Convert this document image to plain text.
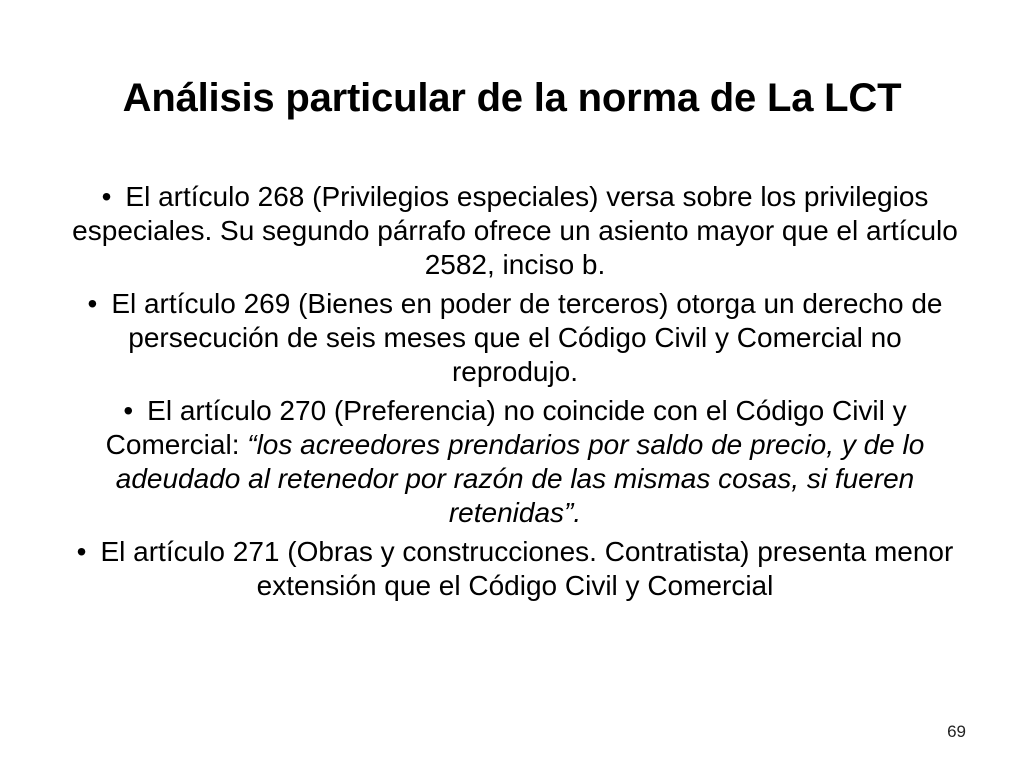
Análisis particular de la norma de La LCT

• El artículo 268 (Privilegios especiales) versa sobre los privilegios especiales. Su segundo párrafo ofrece un asiento mayor que el artículo 2582, inciso b.

• El artículo 269 (Bienes en poder de terceros) otorga un derecho de persecución de seis meses que el Código Civil y Comercial no reprodujo.

• El artículo 270 (Preferencia) no coincide con el Código Civil y Comercial: “los acreedores prendarios por saldo de precio, y de lo adeudado al retenedor por razón de las mismas cosas, si fueren retenidas”.

• El artículo 271 (Obras y construcciones. Contratista) presenta menor extensión que el Código Civil y Comercial

69
